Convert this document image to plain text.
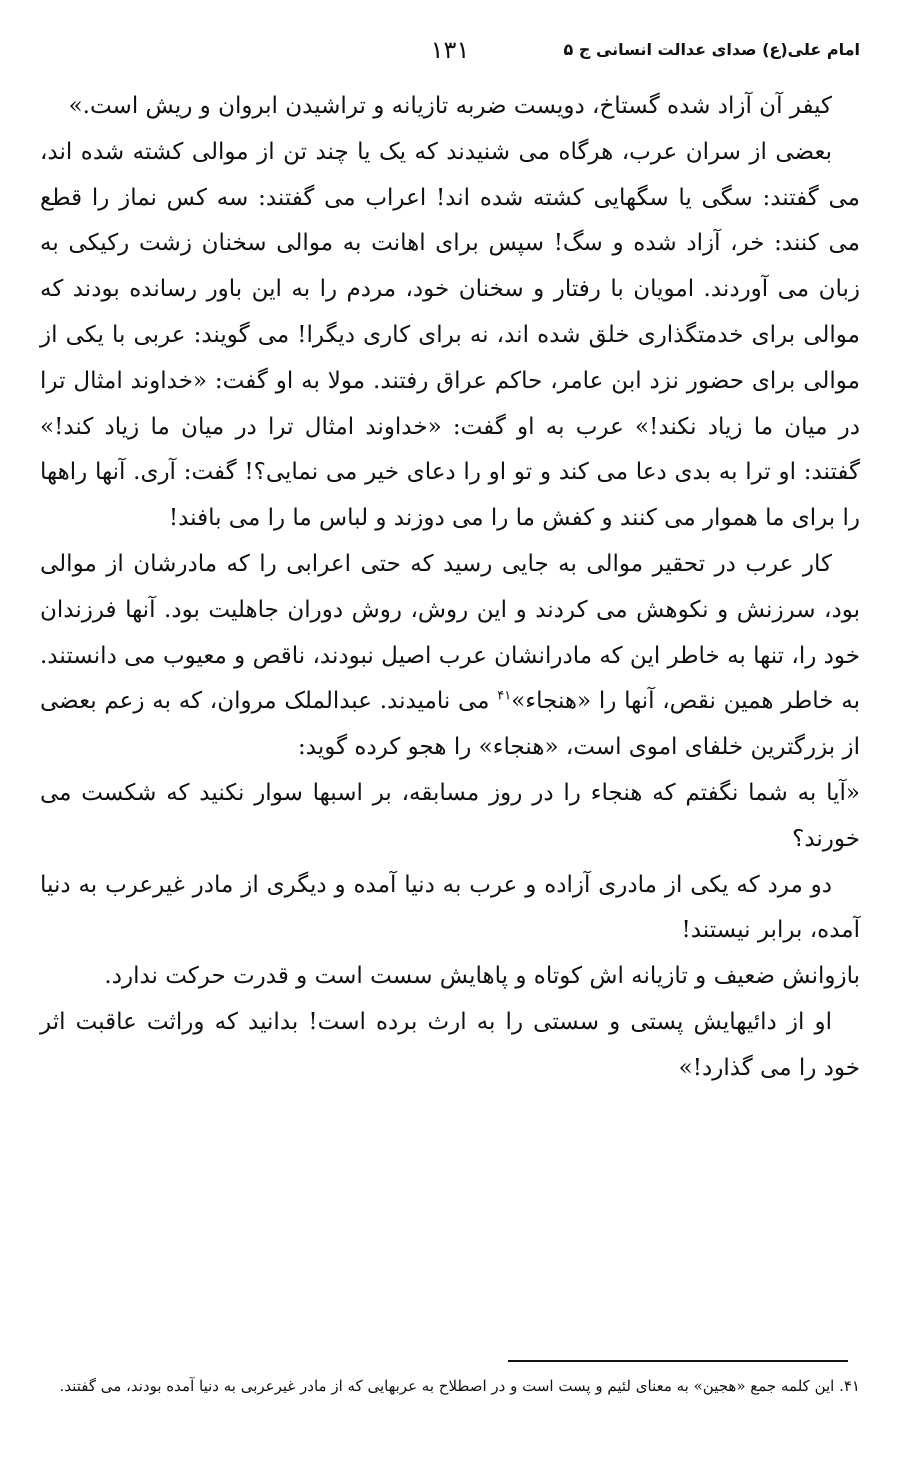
امام علی(ع) صدای عدالت انسانی ج ۵
۱۳۱

کیفر آن آزاد شده گستاخ، دویست ضربه تازیانه و تراشیدن ابروان و ریش است.»

بعضی از سران عرب، هرگاه می شنیدند که یک یا چند تن از موالی کشته شده اند، می گفتند: سگی یا سگهایی کشته شده اند! اعراب می گفتند: سه کس نماز را قطع می کنند: خر، آزاد شده و سگ! سپس برای اهانت به موالی سخنان زشت رکیکی به زبان می آوردند. امویان با رفتار و سخنان خود، مردم را به این باور رسانده بودند که موالی برای خدمتگذاری خلق شده اند، نه برای کاری دیگرا! می گویند: عربی با یکی از موالی برای حضور نزد ابن عامر، حاکم عراق رفتند. مولا به او گفت: «خداوند امثال ترا در میان ما زیاد نکند!» عرب به او گفت: «خداوند امثال ترا در میان ما زیاد کند!» گفتند: او ترا به بدی دعا می کند و تو او را دعای خیر می نمایی؟! گفت: آری. آنها راهها را برای ما هموار می کنند و کفش ما را می دوزند و لباس ما را می بافند!

کار عرب در تحقیر موالی به جایی رسید که حتی اعرابی را که مادرشان از موالی بود، سرزنش و نکوهش می کردند و این روش، روش دوران جاهلیت بود. آنها فرزندان خود را، تنها به خاطر این که مادرانشان عرب اصیل نبودند، ناقص و معیوب می دانستند. به خاطر همین نقص، آنها را «هنجاء»$^{۴۱}$ می نامیدند. عبدالملک مروان، که به زعم بعضی از بزرگترین خلفای اموی است، «هنجاء» را هجو کرده گوید:

«آیا به شما نگفتم که هنجاء را در روز مسابقه، بر اسبها سوار نکنید که شکست می خورند؟

دو مرد که یکی از مادری آزاده و عرب به دنیا آمده و دیگری از مادر غیرعرب به دنیا آمده، برابر نیستند!

بازوانش ضعیف و تازیانه اش کوتاه و پاهایش سست است و قدرت حرکت ندارد.

او از دائیهایش پستی و سستی را به ارث برده است! بدانید که وراثت عاقبت اثر خود را می گذارد!»

۴۱. این کلمه جمع «هجین» به معنای لئیم و پست است و در اصطلاح به عربهایی که از مادر غیرعربی به دنیا آمده بودند، می گفتند.
